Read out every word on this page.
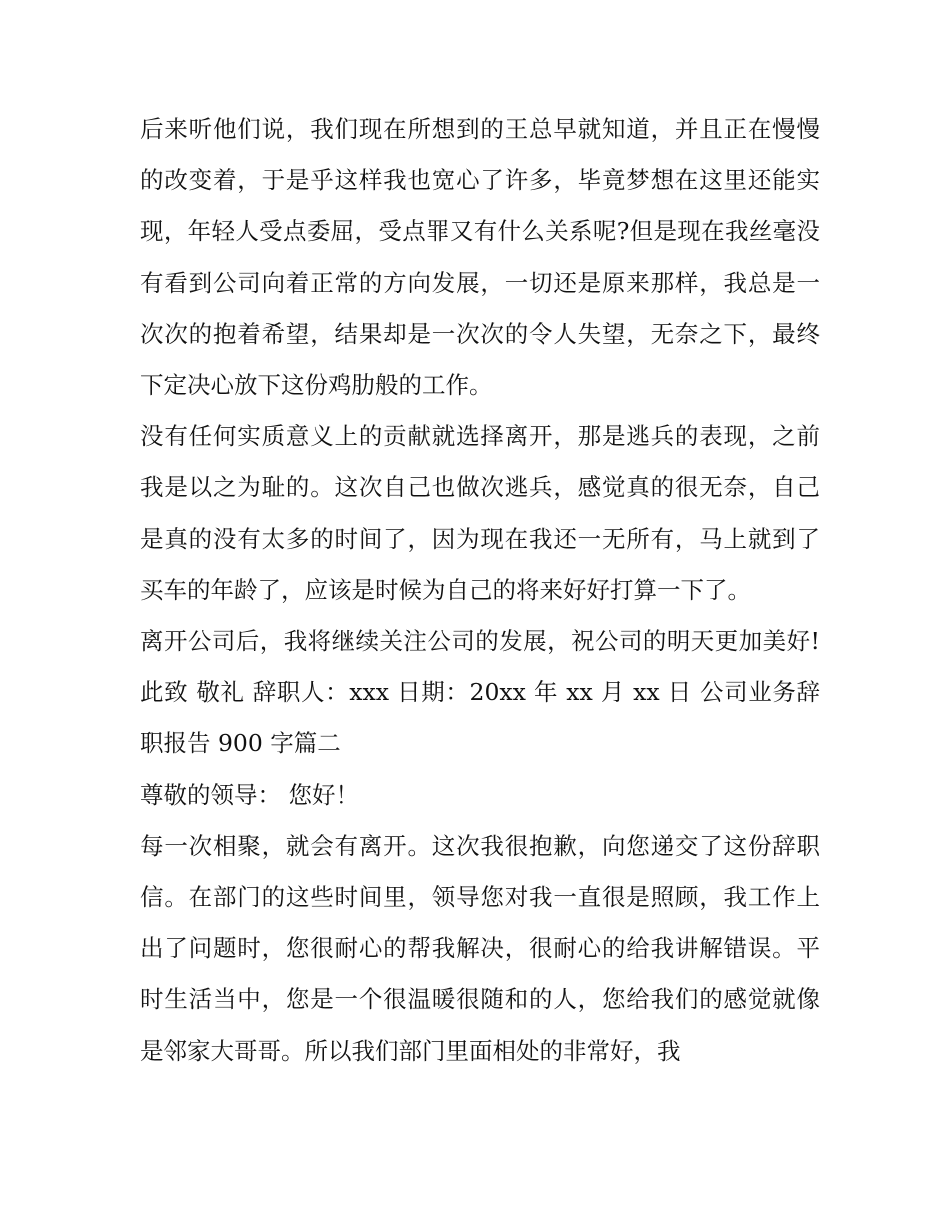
后来听他们说，我们现在所想到的王总早就知道，并且正在慢慢的改变着，于是乎这样我也宽心了许多，毕竟梦想在这里还能实现，年轻人受点委屈，受点罪又有什么关系呢?但是现在我丝毫没有看到公司向着正常的方向发展，一切还是原来那样，我总是一次次的抱着希望，结果却是一次次的令人失望，无奈之下，最终下定决心放下这份鸡肋般的工作。

没有任何实质意义上的贡献就选择离开，那是逃兵的表现，之前我是以之为耻的。这次自己也做次逃兵，感觉真的很无奈，自己是真的没有太多的时间了，因为现在我还一无所有，马上就到了买车的年龄了，应该是时候为自己的将来好好打算一下了。

离开公司后，我将继续关注公司的发展，祝公司的明天更加美好! 此致 敬礼 辞职人：xxx 日期：20xx 年 xx 月 xx 日 公司业务辞职报告 900 字篇二

尊敬的领导： 您好！

每一次相聚，就会有离开。这次我很抱歉，向您递交了这份辞职信。在部门的这些时间里，领导您对我一直很是照顾，我工作上出了问题时，您很耐心的帮我解决，很耐心的给我讲解错误。平时生活当中，您是一个很温暖很随和的人，您给我们的感觉就像是邻家大哥哥。所以我们部门里面相处的非常好，我
